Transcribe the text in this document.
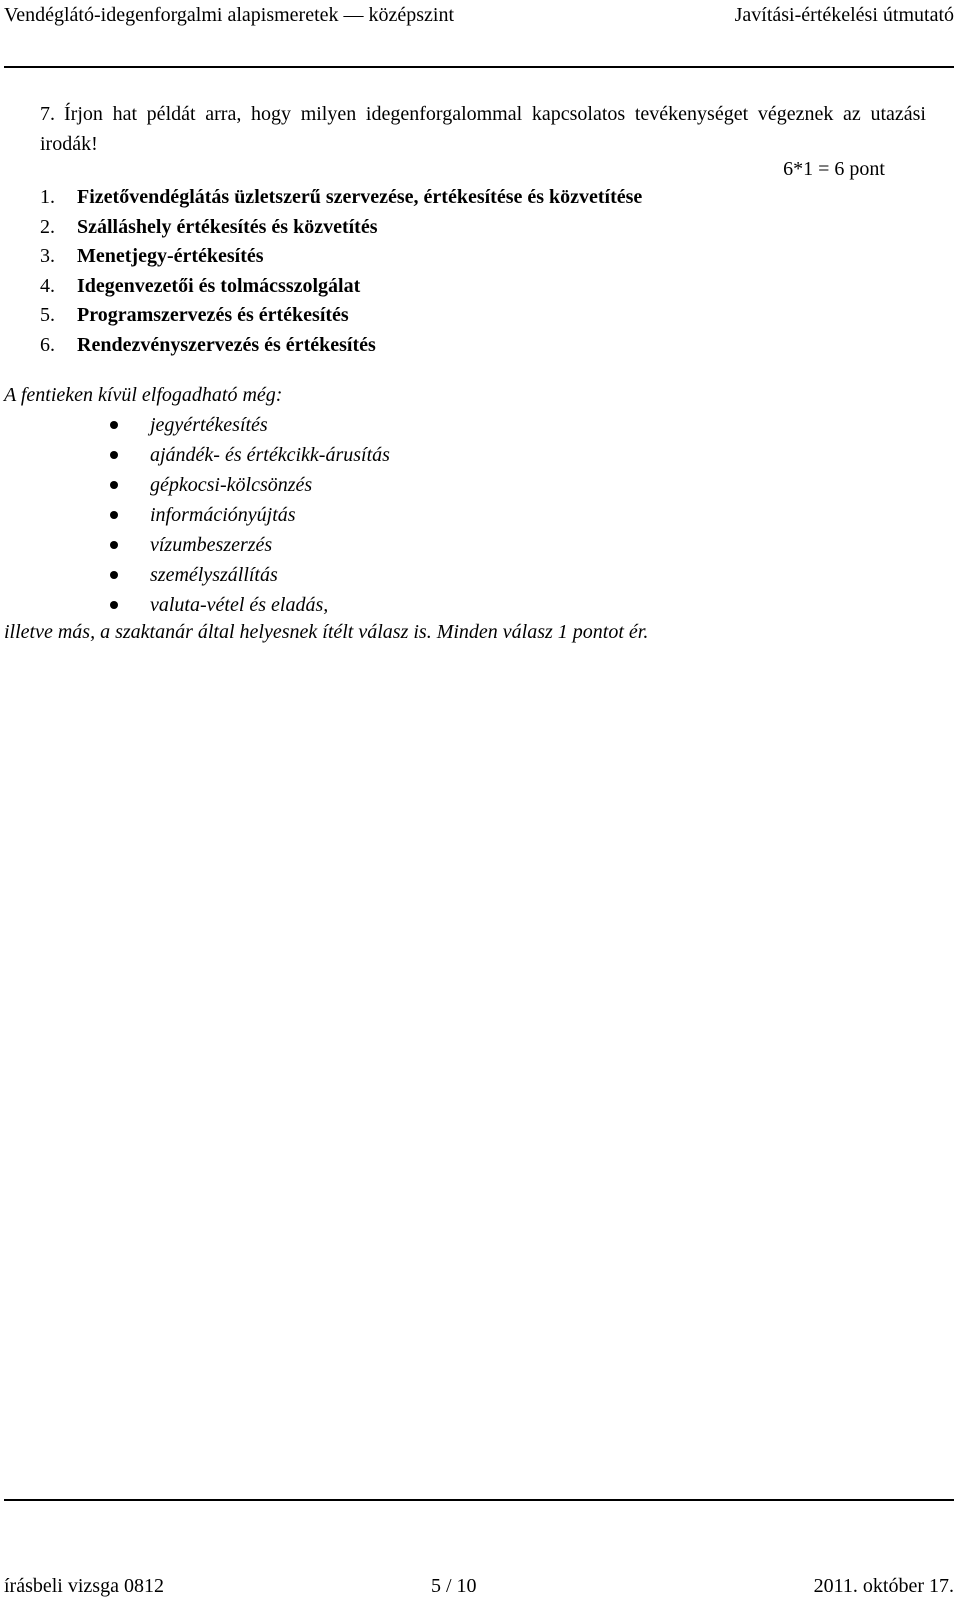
Vendéglátó-idegenforgalmi alapismeretek — középszint	Javítási-értékelési útmutató
7. Írjon hat példát arra, hogy milyen idegenforgalommal kapcsolatos tevékenységet végeznek az utazási irodák!
6*1 = 6 pont
1. Fizetővendéglátás üzletszerű szervezése, értékesítése és közvetítése
2. Szálláshely értékesítés és közvetítés
3. Menetjegy-értékesítés
4. Idegenvezetői és tolmácsszolgálat
5. Programszervezés és értékesítés
6. Rendezvényszervezés és értékesítés
A fentieken kívül elfogadható még:
jegyértékesítés
ajándék- és értékcikk-árusítás
gépkocsi-kölcsönzés
információnyújtás
vízumbeszerzés
személyszállítás
valuta-vétel és eladás,
illetve más, a szaktanár által helyesnek ítélt válasz is. Minden válasz 1 pontot ér.
írásbeli vizsga 0812	5 / 10	2011. október 17.
